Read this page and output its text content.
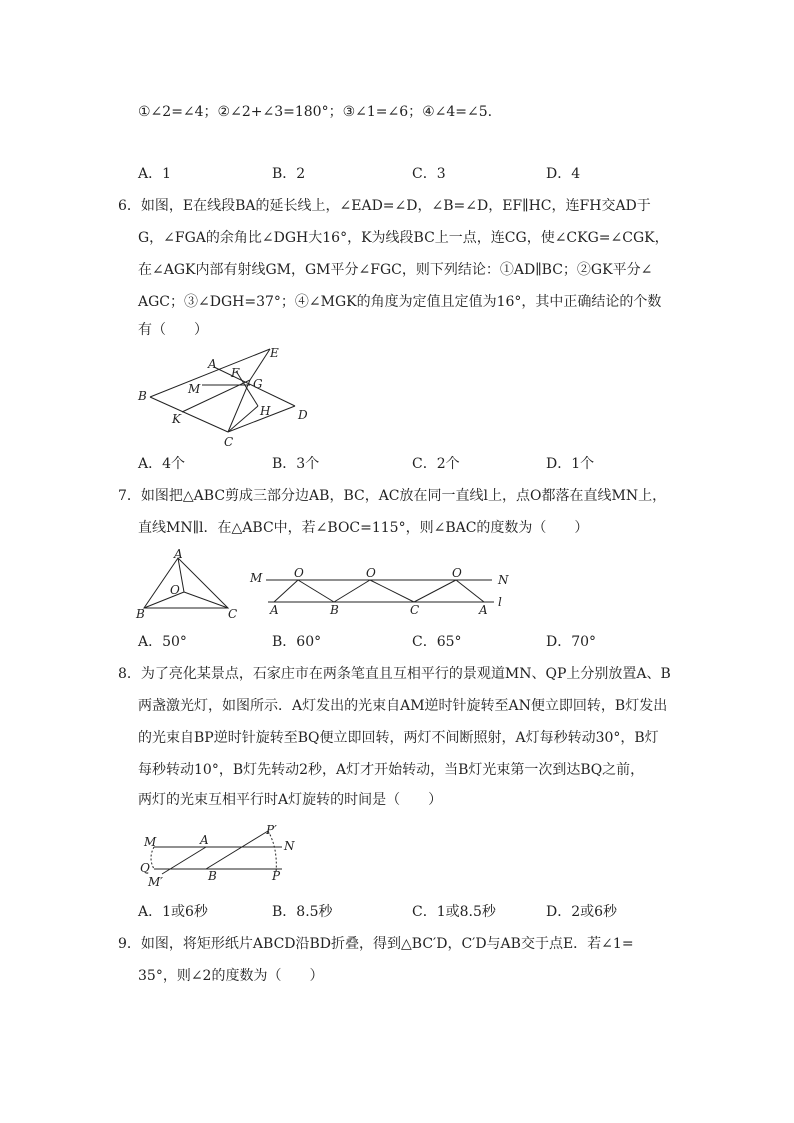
①∠2=∠4；②∠2+∠3=180°；③∠1=∠6；④∠4=∠5.
A．1	B．2	C．3	D．4
6．如图，E在线段BA的延长线上，∠EAD=∠D，∠B=∠D，EF∥HC，连FH交AD于
G，∠FGA的余角比∠DGH大16°，K为线段BC上一点，连CG，使∠CKG=∠CGK，
在∠AGK内部有射线GM，GM平分∠FGC，则下列结论：①AD∥BC；②GK平分∠
AGC；③∠DGH=37°；④∠MGK的角度为定值且定值为16°，其中正确结论的个数
有（　　）
E
A
F
M	G
B
H D
K
C
A．4个	B．3个	C．2个	D．1个
7．如图把△ABC剪成三部分边AB，BC，AC放在同一直线l上，点O都落在直线MN上，
直线MN∥l．在△ABC中，若∠BOC=115°，则∠BAC的度数为（　　）
A
O
B	C
M	O	O	O	N
A	B	C	A
l
A．50°	B．60°	C．65°	D．70°
8．为了亮化某景点，石家庄市在两条笔直且互相平行的景观道MN、QP上分别放置A、B
两盏激光灯，如图所示．A灯发出的光束自AM逆时针旋转至AN便立即回转，B灯发出
的光束自BP逆时针旋转至BQ便立即回转，两灯不间断照射，A灯每秒转动30°，B灯
每秒转动10°，B灯先转动2秒，A灯才开始转动，当B灯光束第一次到达BQ之前，
两灯的光束互相平行时A灯旋转的时间是（　　）
M	A
P′
N
Q
M′	B	P
A．1或6秒	B．8.5秒	C．1或8.5秒	D．2或6秒
9．如图，将矩形纸片ABCD沿BD折叠，得到△BC′D，C′D与AB交于点E．若∠1=
35°，则∠2的度数为（　　）
